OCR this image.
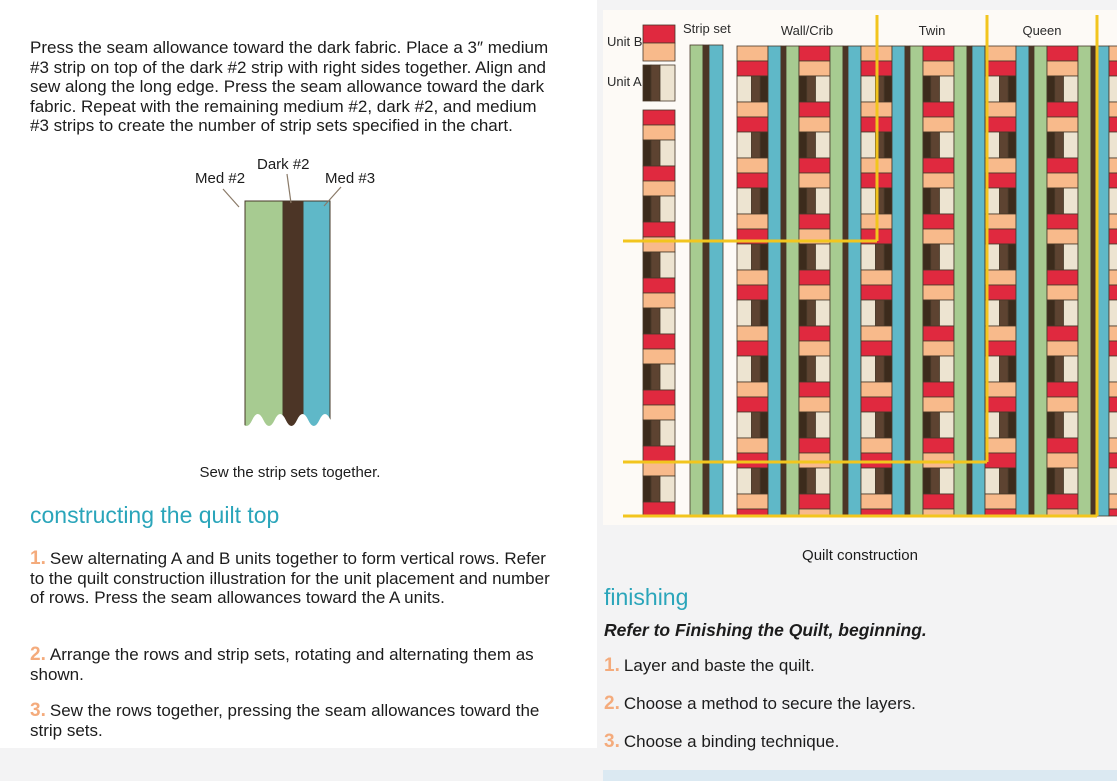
Press the seam allowance toward the dark fabric. Place a 3″ medium #3 strip on top of the dark #2 strip with right sides together. Align and sew along the long edge. Press the seam allowance toward the dark fabric. Repeat with the remaining medium #2, dark #2, and medium #3 strips to create the number of strip sets specified in the chart.

Med #2
Dark #2
Med #3
Sew the strip sets together.
constructing the quilt top
1. Sew alternating A and B units together to form vertical rows. Refer to the quilt construction illustration for the unit placement and number of rows. Press the seam allowances toward the A units.
2. Arrange the rows and strip sets, rotating and alternating them as shown.
3. Sew the rows together, pressing the seam allowances toward the strip sets.
Unit B
Unit A
Strip set	Wall/Crib	Twin	Queen
Quilt construction
finishing
Refer to Finishing the Quilt, beginning.
1. Layer and baste the quilt.
2. Choose a method to secure the layers.
3. Choose a binding technique.
